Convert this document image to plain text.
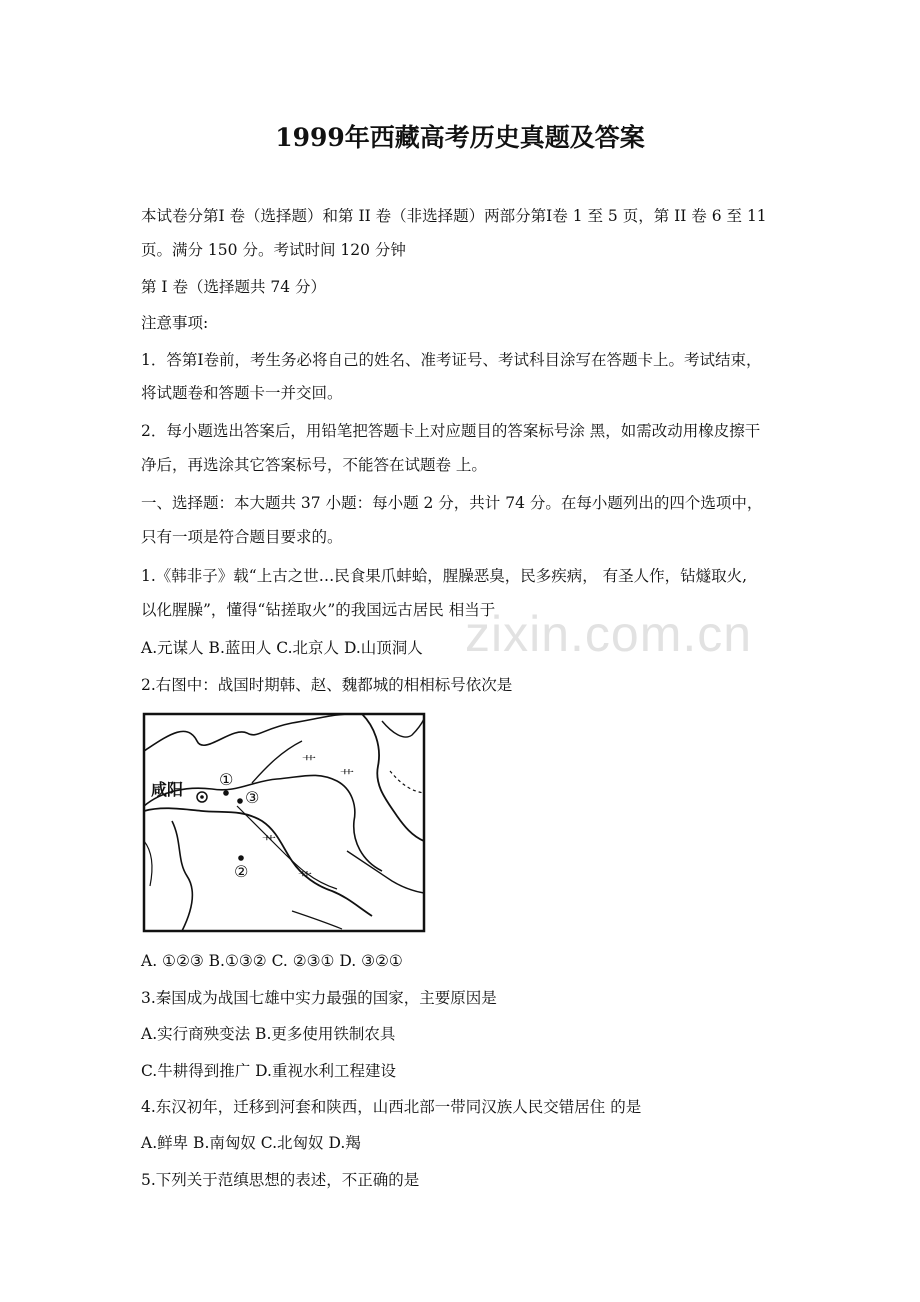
1999年西藏高考历史真题及答案
本试卷分第Ⅰ 卷（选择题）和第 II 卷（非选择题）两部分第Ⅰ卷 1 至 5 页，第 II 卷 6 至 11
页。满分 150 分。考试时间 120 分钟
第 Ⅰ 卷（选择题共 74 分）
注意事项:
1．答第Ⅰ卷前，考生务必将自己的姓名、准考证号、考试科目涂写在答题卡上。考试结束，
将试题卷和答题卡一并交回。
2．每小题选出答案后，用铅笔把答题卡上对应题目的答案标号涂 黑，如需改动用橡皮擦干
净后，再选涂其它答案标号，不能答在试题卷 上。
一、选择题：本大题共 37 小题：每小题 2 分，共计 74 分。在每小题列出的四个选项中，
只有一项是符合题目要求的。
1.《韩非子》载“上古之世…民食果爪蚌蛤，腥臊恶臭，民多疾病， 有圣人作，钻燧取火,
以化腥臊”，懂得“钻搓取火”的我国远古居民 相当于
A.元谋人 B.蓝田人 C.北京人 D.山顶洞人
2.右图中：战国时期韩、赵、魏都城的相相标号依次是
⺾
⺾
⺾
⺾
咸阳
①
③
②
A. ①②③ B.①③② C. ②③① D. ③②①
3.秦国成为战国七雄中实力最强的国家，主要原因是
A.实行商殃变法 B.更多使用铁制农具
C.牛耕得到推广 D.重视水利工程建设
4.东汉初年，迁移到河套和陕西，山西北部一带同汉族人民交错居住 的是
A.鲜卑 B.南匈奴 C.北匈奴 D.羯
5.下列关于范缜思想的表述，不正确的是
zixin.com.cn
